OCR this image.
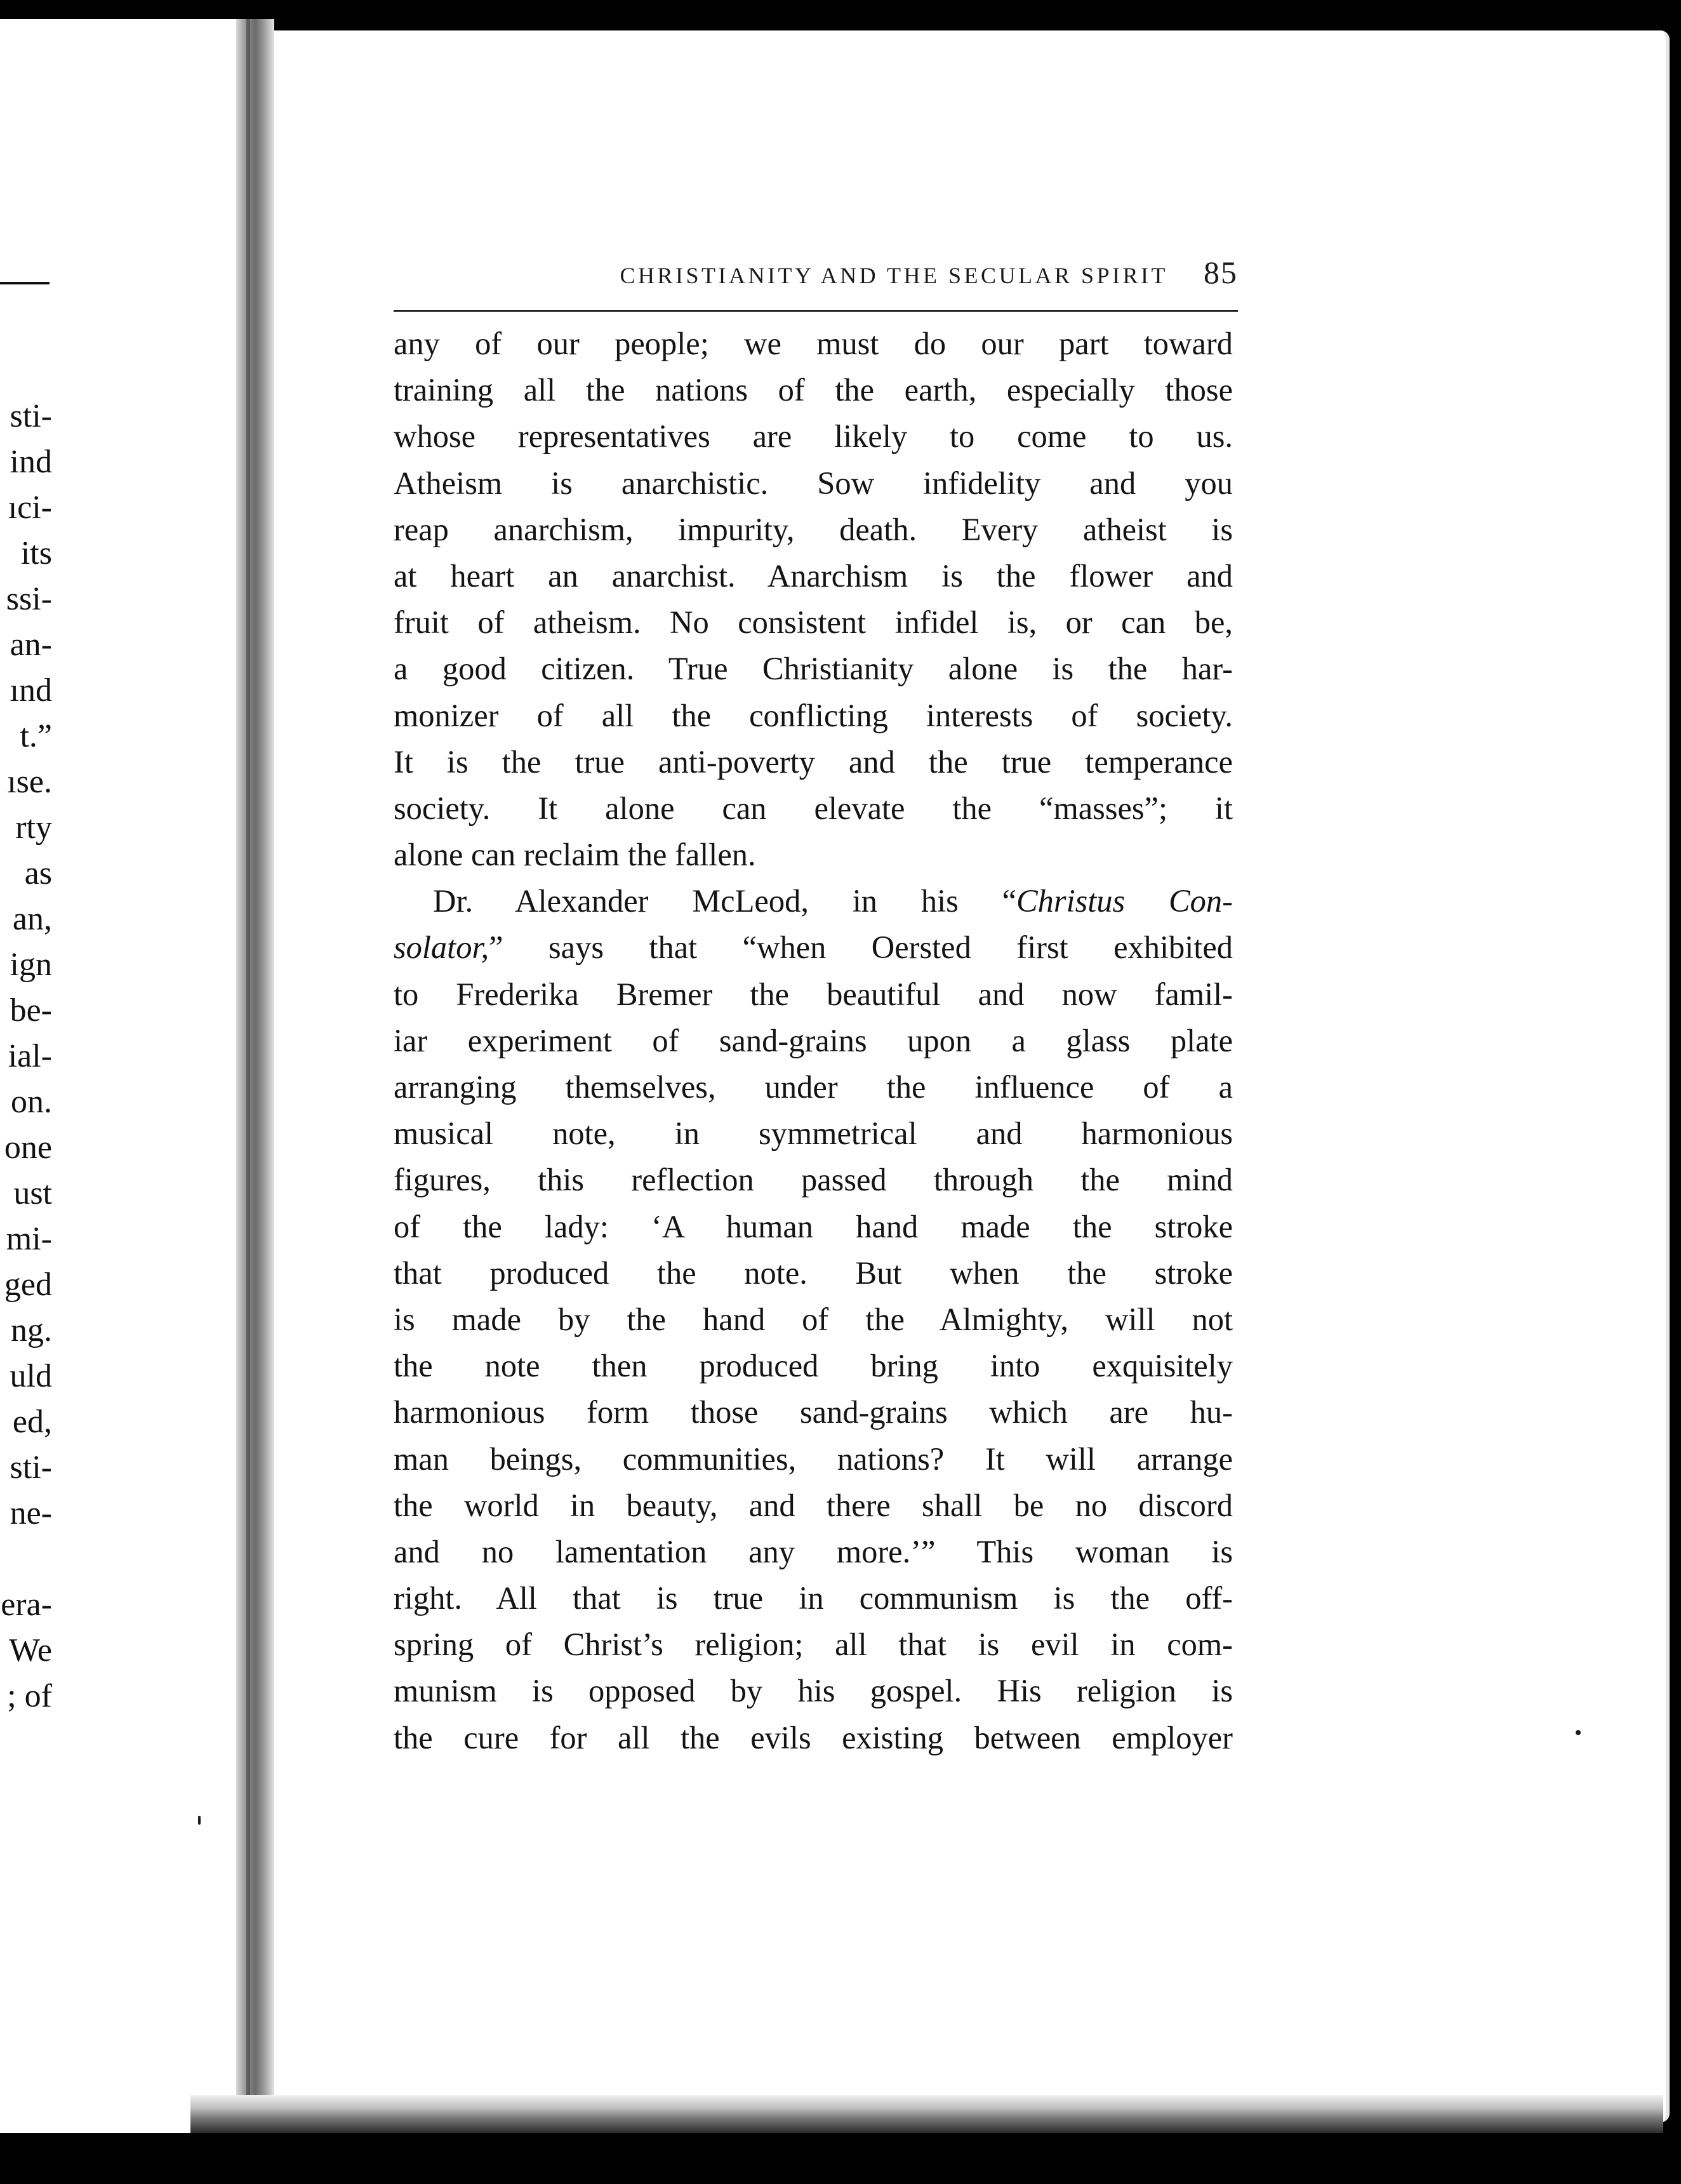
sti-
ind
ıci-
its
ssi-
an-
ınd
t.”
ıse.
rty
as
an,
ign
be-
ial-
on.
one
ust
mi-
ged
ng.
uld
ed,
sti-
ne-
era-
We
; of
CHRISTIANITY AND THE SECULAR SPIRIT 85
any of our people; we must do our part toward
training all the nations of the earth, especially those
whose representatives are likely to come to us.
Atheism is anarchistic. Sow infidelity and you
reap anarchism, impurity, death. Every atheist is
at heart an anarchist. Anarchism is the flower and
fruit of atheism. No consistent infidel is, or can be,
a good citizen. True Christianity alone is the har-
monizer of all the conflicting interests of society.
It is the true anti-poverty and the true temperance
society. It alone can elevate the “masses”; it
alone can reclaim the fallen.
Dr. Alexander McLeod, in his “Christus Con-
solator,” says that “when Oersted first exhibited
to Frederika Bremer the beautiful and now famil-
iar experiment of sand-grains upon a glass plate
arranging themselves, under the influence of a
musical note, in symmetrical and harmonious
figures, this reflection passed through the mind
of the lady: ‘A human hand made the stroke
that produced the note. But when the stroke
is made by the hand of the Almighty, will not
the note then produced bring into exquisitely
harmonious form those sand-grains which are hu-
man beings, communities, nations? It will arrange
the world in beauty, and there shall be no discord
and no lamentation any more.’” This woman is
right. All that is true in communism is the off-
spring of Christ’s religion; all that is evil in com-
munism is opposed by his gospel. His religion is
the cure for all the evils existing between employer
